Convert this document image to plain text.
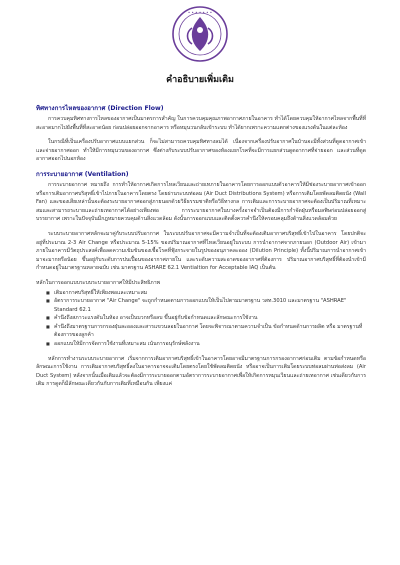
• • • • • • •
คำอธิบายเพิ่มเติม
ทิศทางการไหลของอากาศ (Direction Flow)

การควบคุมทิศทางการไหลของอากาศเป็นมาตรการสำคัญ ในการควบคุมคุณภาพอากาศภายในอาคาร ทำได้โดยควบคุมให้อากาศไหลจากพื้นที่ที่สะอาดมากไปยังพื้นที่ที่สะอาดน้อย ก่อนปล่อยออกจากอาคาร หรือหมุนวนกลับเข้าระบบ ทำได้ยากเพราะความแตกต่างของแรงดันในแต่ละห้อง

ในกรณีที่เป็นเครื่องปรับอากาศแบบแยกส่วน ก็จะไม่สามารถควบคุมทิศทางลมได้ เนื่องจากเครื่องปรับอากาศในบ้านจะมีทั้งส่วนที่ดูดอากาศเข้าและจ่ายอากาศออก ทำให้มีการหมุนวนของอากาศ ซึ่งต่างกับระบบปรับอากาศของห้องแยกโรคที่จะมีการแยกส่วนดูดอากาศที่จ่ายออก และส่วนที่ดูดอากาศออกไปนอกห้อง

การระบายอากาศ (Ventilation)

การระบายอากาศ หมายถึง การทำให้อากาศเกิดการไหลเวียนและถ่ายเทภายในอาคารโดยการออกแบบตัวอาคารให้มีช่องระบายอากาศเข้าออก หรือการเติมอากาศบริสุทธิ์เข้าไปภายในอาคารโดยตรง โดยผ่านระบบท่อลม (Air Duct Distributions System) หรือการเติมโดยพัดลมติดผนัง (Wall Fan) และของเสียเหล่านั้นจะต้องระบายอากาศออกสู่ภายนอกด้วยวิธีธรรมชาติหรือวิธีทางกล การเติมและการระบายอากาศจะต้องเป็นปริมาณที่เหมาะสมและสามารถระบายและถ่ายเทอากาศได้อย่างเพียงพอ การระบายอากาศในบางครั้งอาจจำเป็นต้องมีการกำจัดฝุ่นหรือมลพิษก่อนปล่อยออกสู่บรรยากาศ เพราะในปัจจุบันมีกฎหมายควบคุมด้านสิ่งแวดล้อม ดังนั้นการออกแบบและติดตั้งควรคำนึงให้ครอบคลุมถึงด้านสิ่งแวดล้อมด้วย

ระบบระบายอากาศหลักจะมาคู่กับระบบปรับอากาศ ในระบบปรับอากาศจะมีความจำเป็นที่จะต้องเติมอากาศบริสุทธิ์เข้าไปในอาคาร โดยปกติจะอยู่ที่ประมาณ 2-3 Air Change หรือประมาณ 5-15% ของปริมาณอากาศที่ไหลเวียนอยู่ในระบบ การนำอากาศจากภายนอก (Outdoor Air) เข้ามาภายในอาคารมีวัตถุประสงค์เพื่อลดความเข้มข้นของเชื้อโรคที่ฟุ้งกระจายในรูปของอนุภาคละออง (Dilution Principle) ทั้งนี้ปริมาณการนำอากาศเข้ามาจะมากหรือน้อย ขึ้นอยู่กับระดับการปนเปื้อนของอากาศภายใน และระดับความสะอาดของอากาศที่ต้องการ ปริมาณอากาศบริสุทธิ์ที่ต้องนำเข้ามีกำหนดอยู่ในมาตรฐานหลายฉบับ เช่น มาตรฐาน ASHARE 62.1 Ventialtion for Acceptable IAQ เป็นต้น

หลักในการออกแบบระบบระบายอากาศให้มีประสิทธิภาพ

■ เติมอากาศบริสุทธิ์ให้เพียงพอและเหมาะสม
■ อัตราการระบายอากาศ "Air Change" จะถูกกำหนดตามการออกแบบให้เป็นไปตามมาตรฐาน วสท.3010 และมาตรฐาน "ASHRAE" Standard 62.1
■ คำนึงถึงสภาวะแรงดันในห้อง อาจเป็นบวกหรือลบ ขึ้นอยู่กับข้อกำหนดและลักษณะการใช้งาน
■ คำนึงถึงมาตรฐานการกรองฝุ่นละอองและสารแขวนลอยในอากาศ โดยจะพิจารณาตามความจำเป็น ข้อกำหนดด้านการผลิต หรือ มาตรฐานที่ต้องการของลูกค้า
■ ออกแบบให้มีการจัดการใช้งานที่เหมาะสม เน้นการอนุรักษ์พลังงาน

หลักการทำงานระบบระบายอากาศ เริ่มจากการเติมอากาศบริสุทธิ์เข้าในอาคารโดยอาจมีมาตรฐานการกรองอากาศก่อนเติม ตามข้อกำหนดหรือลักษณะการใช้งาน การเติมอากาศบริสุทธิ์ลงในอาคารอาจจะเติมโดยตรงโดยใช้พัดลมติดผนัง หรืออาจเป็นการเติมโดยระบบท่อลมผ่านท่อส่งลม (Air Duct System) หลังจากนั้นเมื่อเติมแล้วจะต้องมีการระบายออกตามอัตราการระบายอากาศเพื่อให้เกิดการหมุนเวียนและถ่ายเทอากาศ เช่นเดียวกับการเติม การดูดก็มีลักษณะเดียวกันกับการเติมที่เหมือนกัน เพียงแค่
